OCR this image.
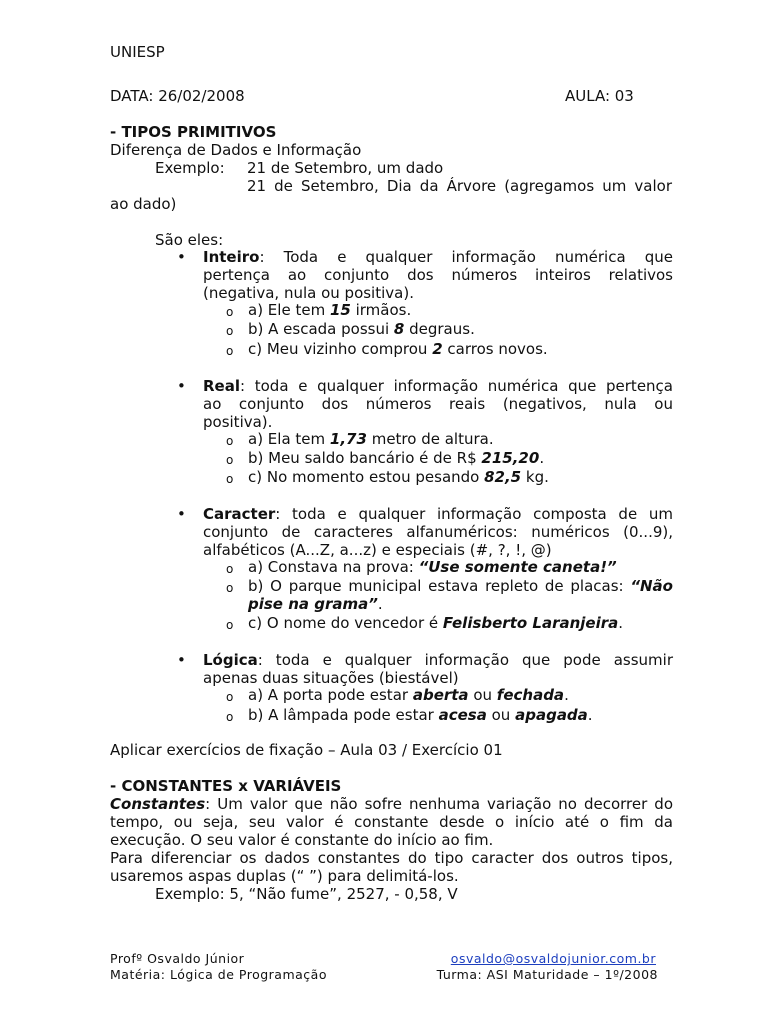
UNIESP
DATA: 26/02/2008	AULA: 03
- TIPOS PRIMITIVOS
Diferença de Dados e Informação
Exemplo: 21 de Setembro, um dado
21 de Setembro, Dia da Árvore (agregamos um valor
ao dado)
São eles:
• Inteiro: Toda e qualquer informação numérica que
pertença ao conjunto dos números inteiros relativos
(negativa, nula ou positiva).
o a) Ele tem 15 irmãos.
o b) A escada possui 8 degraus.
o c) Meu vizinho comprou 2 carros novos.
• Real: toda e qualquer informação numérica que pertença
ao conjunto dos números reais (negativos, nula ou
positiva).
o a) Ela tem 1,73 metro de altura.
o b) Meu saldo bancário é de R$ 215,20.
o c) No momento estou pesando 82,5 kg.
• Caracter: toda e qualquer informação composta de um
conjunto de caracteres alfanuméricos: numéricos (0...9),
alfabéticos (A...Z, a...z) e especiais (#, ?, !, @)
o a) Constava na prova: “Use somente caneta!”
o b) O parque municipal estava repleto de placas: “Não
pise na grama”.
o c) O nome do vencedor é Felisberto Laranjeira.
• Lógica: toda e qualquer informação que pode assumir
apenas duas situações (biestável)
o a) A porta pode estar aberta ou fechada.
o b) A lâmpada pode estar acesa ou apagada.
Aplicar exercícios de fixação – Aula 03 / Exercício 01
- CONSTANTES x VARIÁVEIS
Constantes: Um valor que não sofre nenhuma variação no decorrer do
tempo, ou seja, seu valor é constante desde o início até o fim da
execução. O seu valor é constante do início ao fim.
Para diferenciar os dados constantes do tipo caracter dos outros tipos,
usaremos aspas duplas (“ ”) para delimitá-los.
Exemplo: 5, “Não fume”, 2527, - 0,58, V
Profº Osvaldo Júnior	osvaldo@osvaldojunior.com.br
Matéria: Lógica de Programação	Turma: ASI Maturidade – 1º/2008
